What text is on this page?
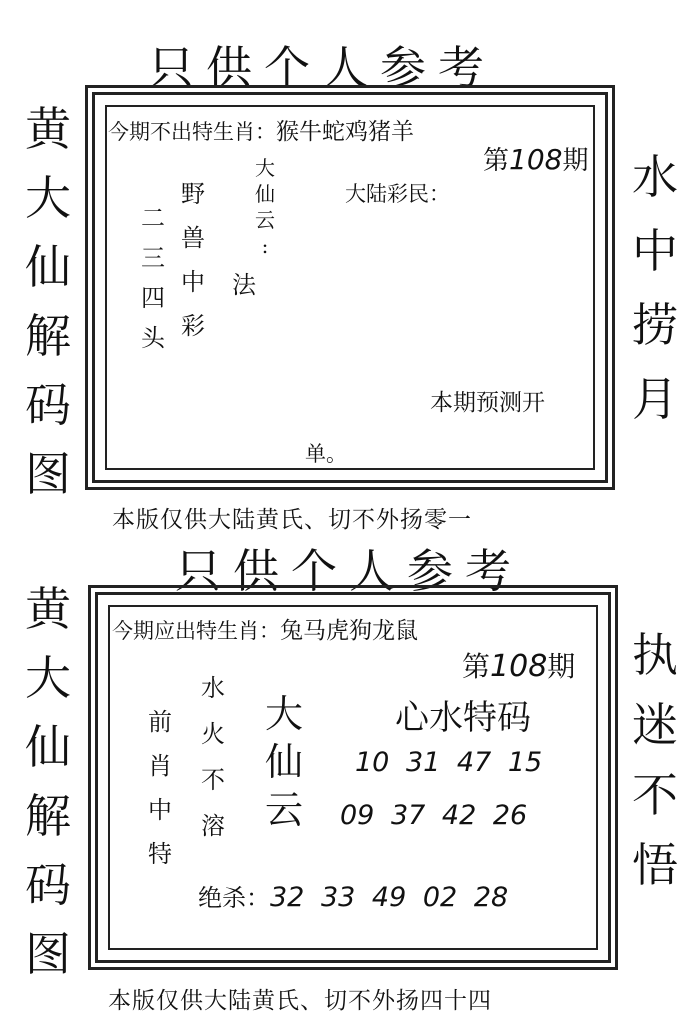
只供个人参考
黄
大
仙
解
码
图
水
中
捞
月
今期不出特生肖：猴牛蛇鸡猪羊
第108期
二
三
四
头
野
兽
中
彩
大
仙
云
:
法
大陆彩民：
本期预测开
单。
本版仅供大陆黄氏、切不外扬零一
只供个人参考
黄
大
仙
解
码
图
执
迷
不
悟
今期应出特生肖：兔马虎狗龙鼠
第108期
前
肖
中
特
水
火
不
溶
大
仙
云
心水特码
10 31 47 15
09 37 42 26
绝杀：32 33 49 02 28
本版仅供大陆黄氏、切不外扬四十四
